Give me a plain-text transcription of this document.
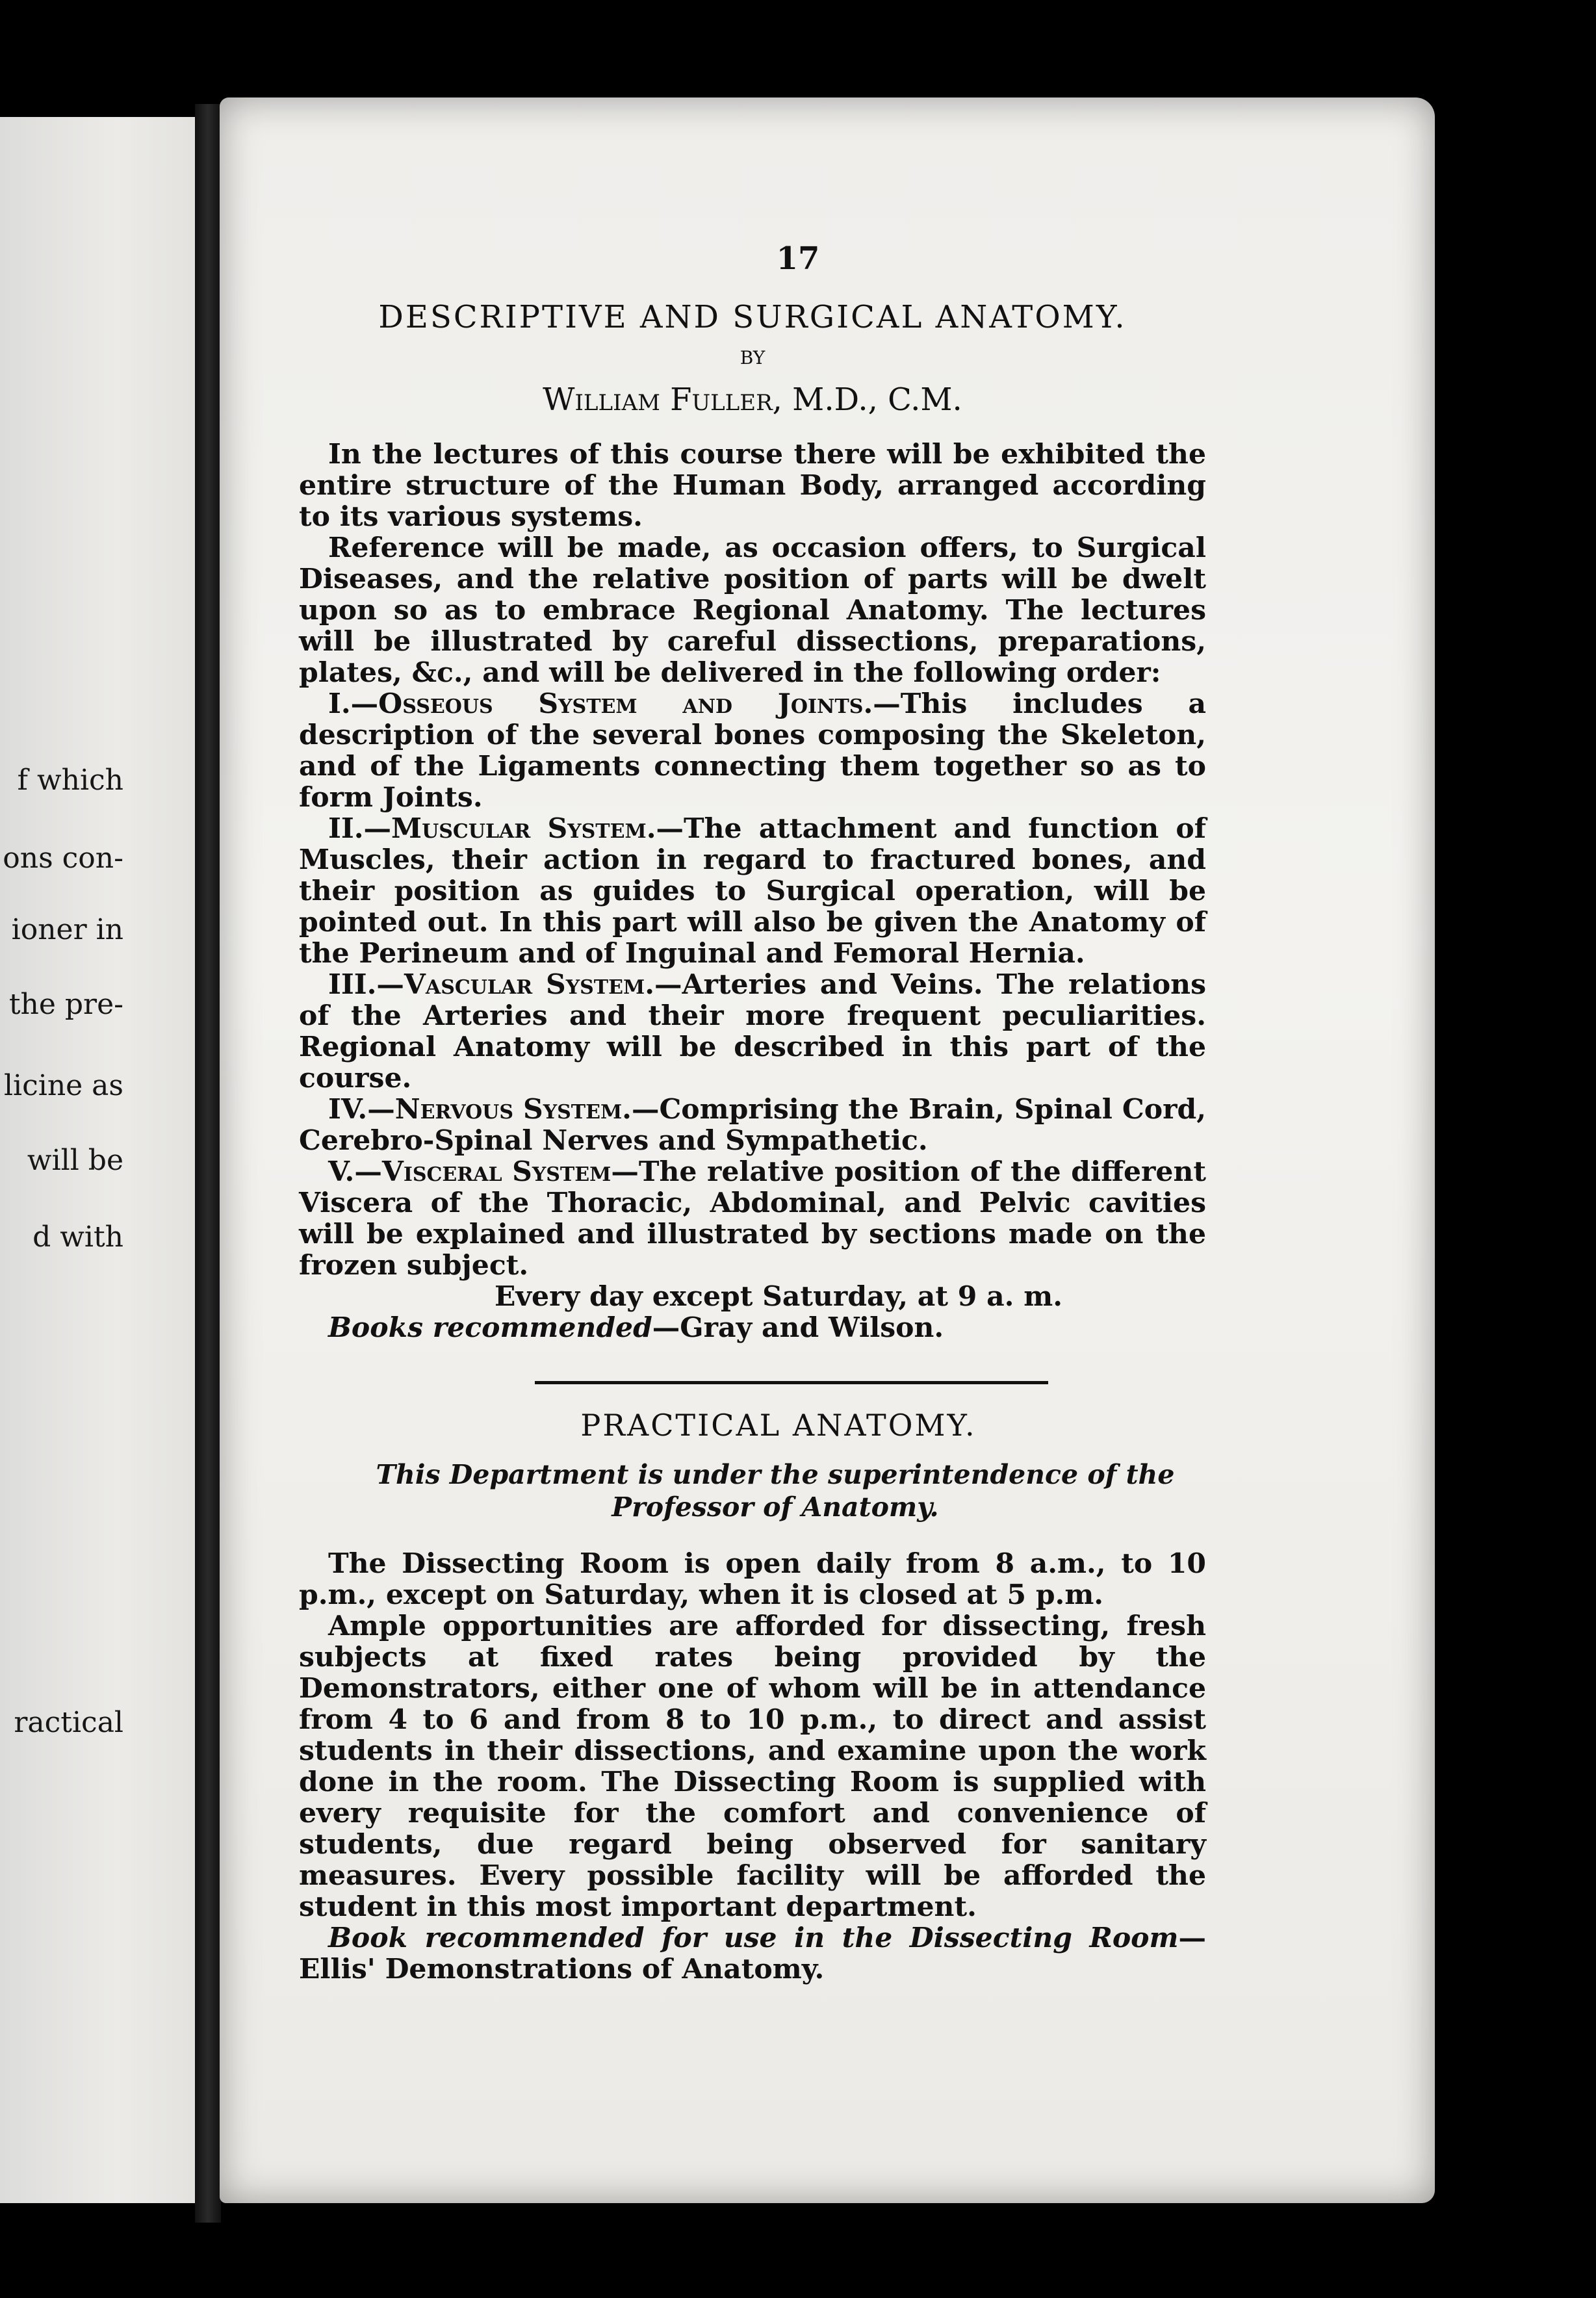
f which
ons con-
ioner in
the pre-
licine as
will be
d with
ractical
17
DESCRIPTIVE AND SURGICAL ANATOMY.
BY
William Fuller, M.D., C.M.

In the lectures of this course there will be exhibited the entire structure of the Human Body, arranged according to its various systems.

Reference will be made, as occasion offers, to Surgical Diseases, and the relative position of parts will be dwelt upon so as to embrace Regional Anatomy. The lectures will be illustrated by careful dissections, preparations, plates, &c., and will be delivered in the following order:

I.—Osseous System and Joints.—This includes a description of the several bones composing the Skeleton, and of the Ligaments connecting them together so as to form Joints.

II.—Muscular System.—The attachment and function of Muscles, their action in regard to fractured bones, and their position as guides to Surgical operation, will be pointed out. In this part will also be given the Anatomy of the Perineum and of Inguinal and Femoral Hernia.

III.—Vascular System.—Arteries and Veins. The relations of the Arteries and their more frequent peculiarities. Regional Anatomy will be described in this part of the course.

IV.—Nervous System.—Comprising the Brain, Spinal Cord, Cerebro-Spinal Nerves and Sympathetic.

V.—Visceral System—The relative position of the different Viscera of the Thoracic, Abdominal, and Pelvic cavities will be explained and illustrated by sections made on the frozen subject.

Every day except Saturday, at 9 a. m.
Books recommended—Gray and Wilson.
PRACTICAL ANATOMY.
This Department is under the superintendence of the
Professor of Anatomy.

The Dissecting Room is open daily from 8 a.m., to 10 p.m., except on Saturday, when it is closed at 5 p.m.

Ample opportunities are afforded for dissecting, fresh subjects at fixed rates being provided by the Demonstrators, either one of whom will be in attendance from 4 to 6 and from 8 to 10 p.m., to direct and assist students in their dissections, and examine upon the work done in the room. The Dissecting Room is supplied with every requisite for the comfort and convenience of students, due regard being observed for sanitary measures. Every possible facility will be afforded the student in this most important department.

Book recommended for use in the Dissecting Room—Ellis' Demonstrations of Anatomy.
